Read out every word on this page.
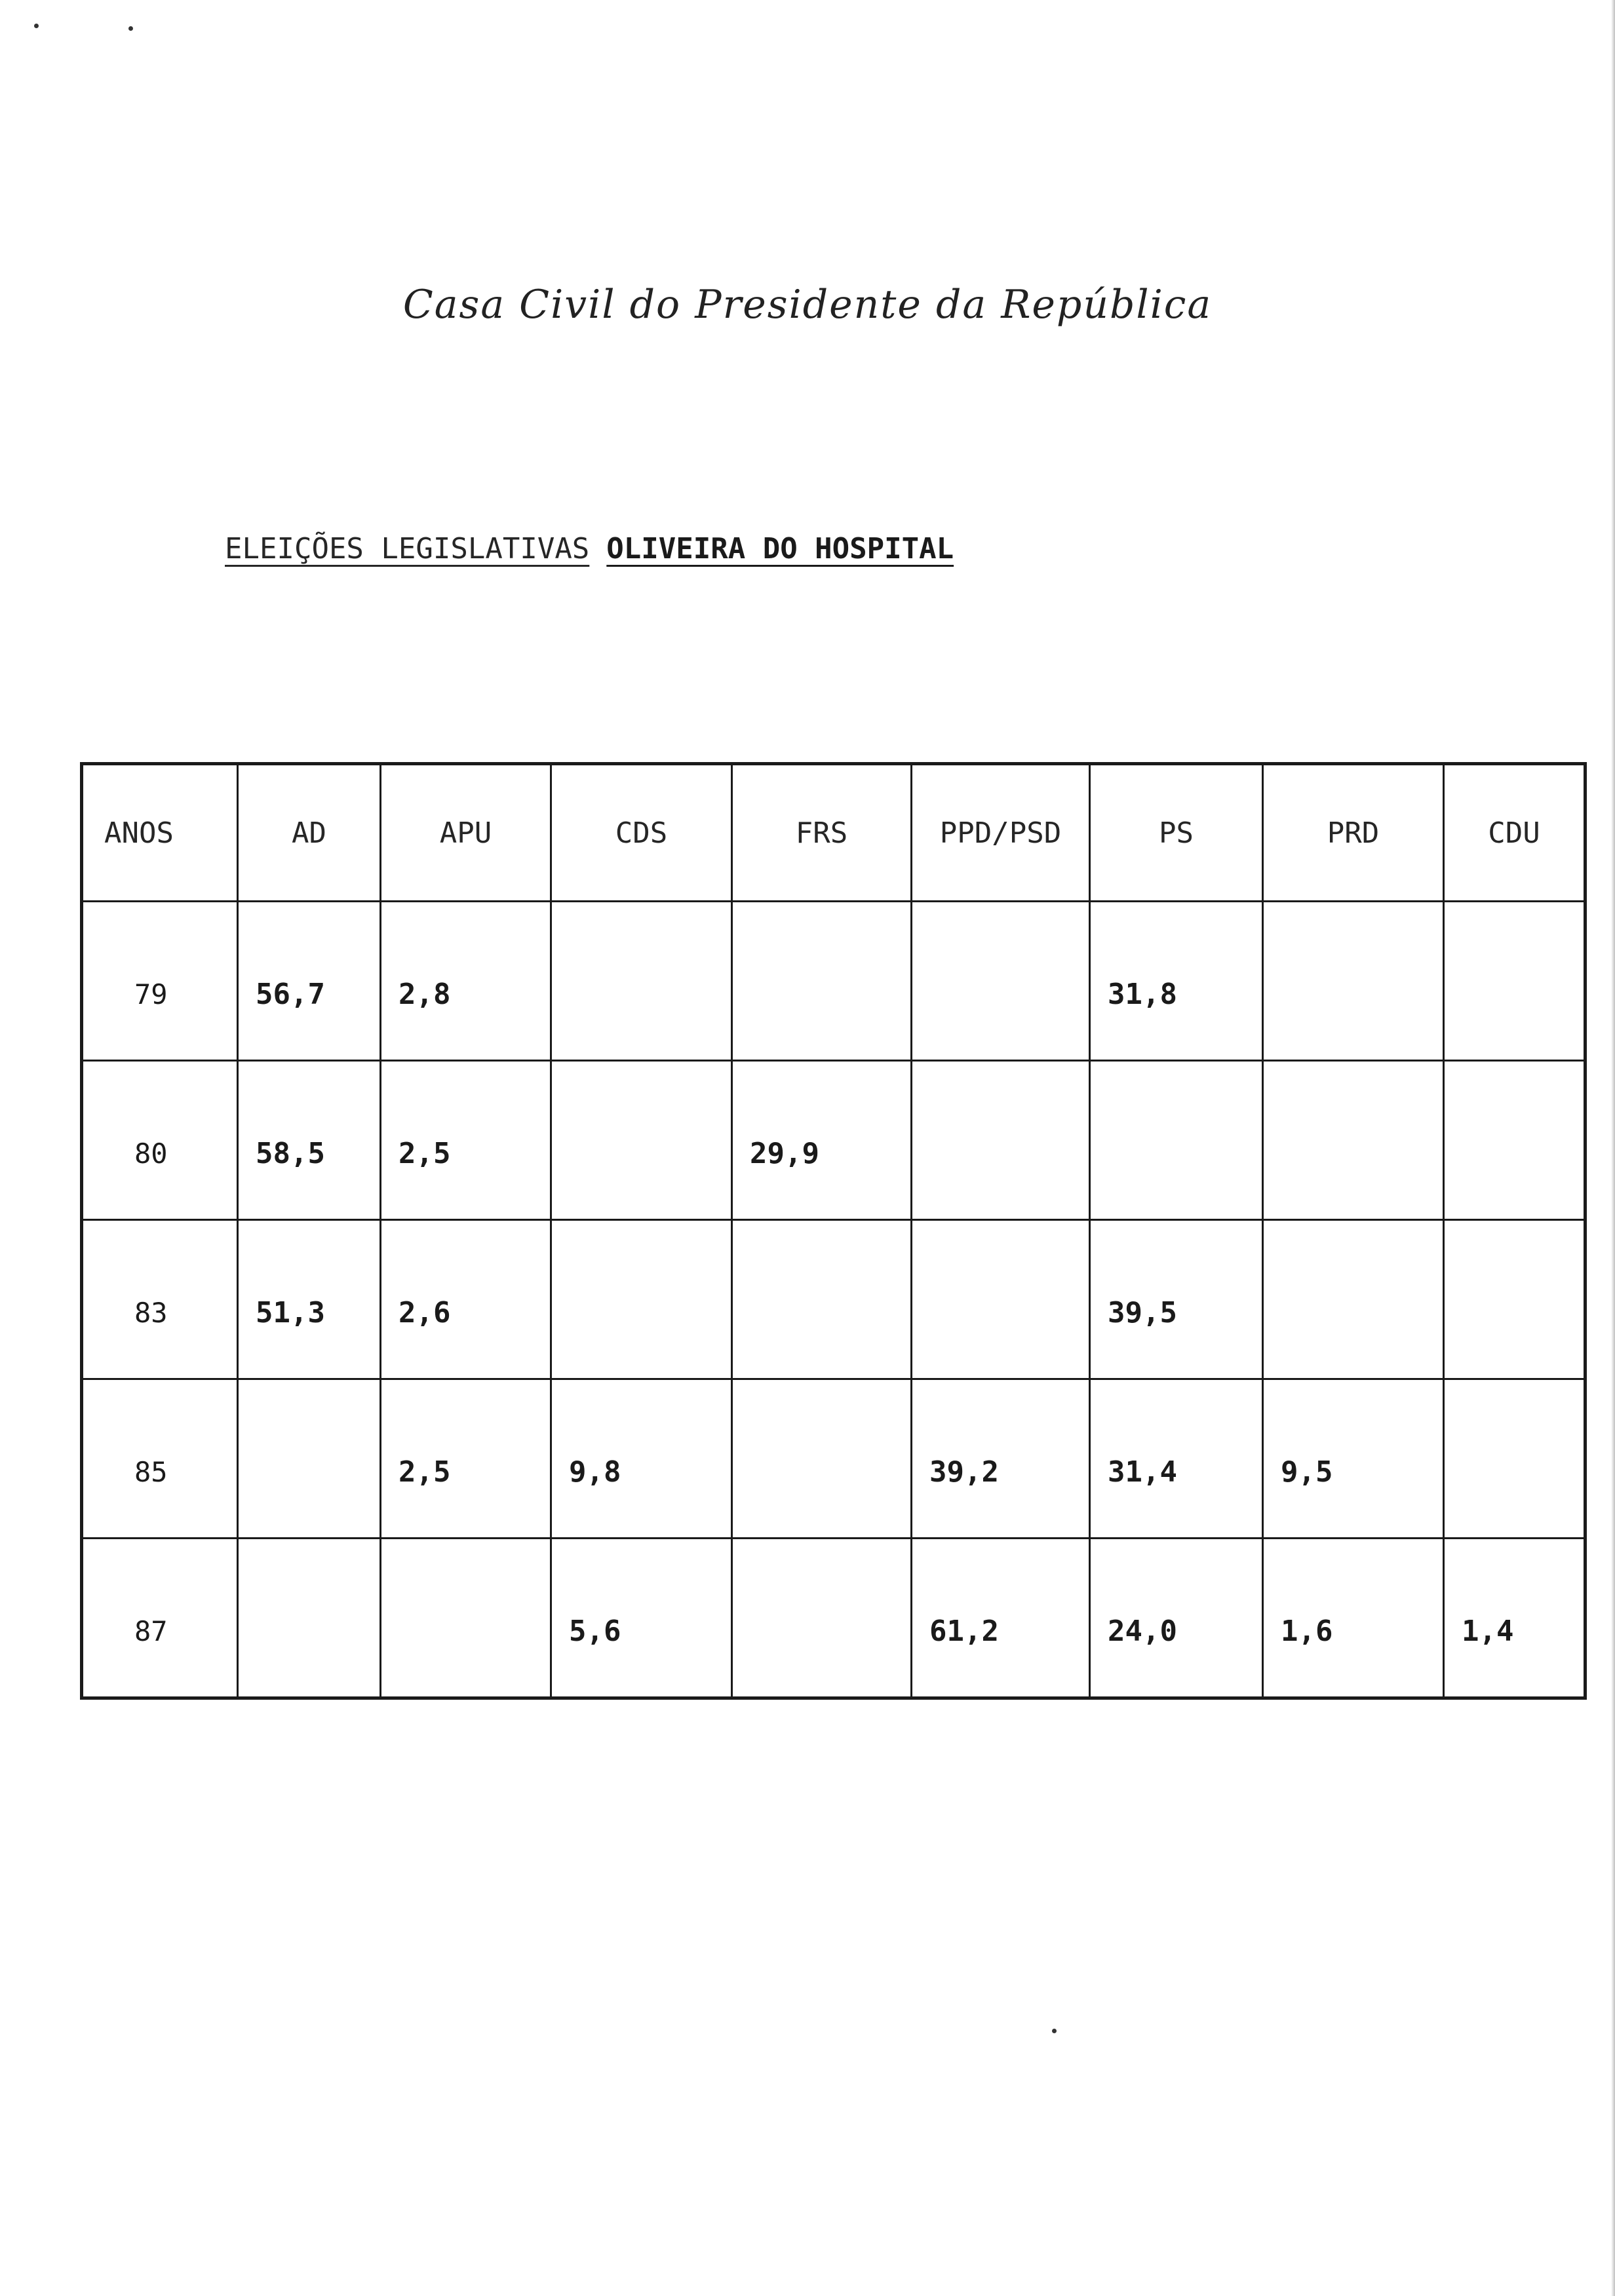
Casa Civil do Presidente da República
ELEIÇÕES LEGISLATIVAS OLIVEIRA DO HOSPITAL
ANOS	AD	APU	CDS	FRS	PPD/PSD	PS	PRD	CDU
79	56,7	2,8				31,8		
80	58,5	2,5		29,9				
83	51,3	2,6				39,5		
85		2,5	9,8		39,2	31,4	9,5	
87			5,6		61,2	24,0	1,6	1,4
